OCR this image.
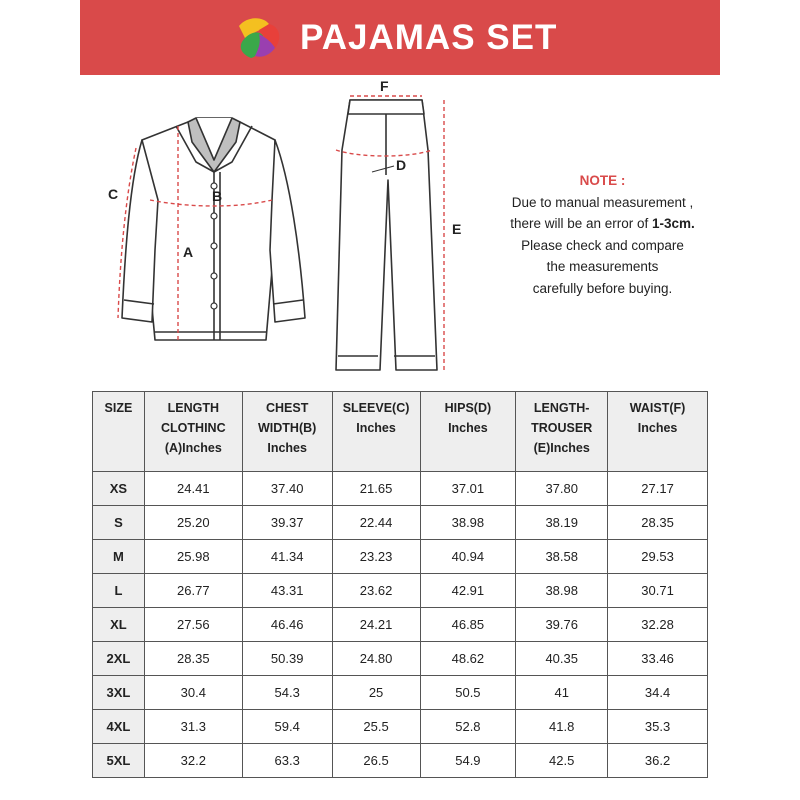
PAJAMAS SET
A
B
C
D
E
F
NOTE :
Due to manual measurement ,
there will be an error of 1-3cm.
Please check and compare
the measurements
carefully before buying.
SIZE	LENGTH
CLOTHINC
(A)Inches	CHEST
WIDTH(B)
Inches	SLEEVE(C)
Inches	HIPS(D)
Inches	LENGTH-
TROUSER
(E)Inches	WAIST(F)
Inches

XS	24.41	37.40	21.65	37.01	37.80	27.17
S	25.20	39.37	22.44	38.98	38.19	28.35
M	25.98	41.34	23.23	40.94	38.58	29.53
L	26.77	43.31	23.62	42.91	38.98	30.71
XL	27.56	46.46	24.21	46.85	39.76	32.28
2XL	28.35	50.39	24.80	48.62	40.35	33.46
3XL	30.4	54.3	25	50.5	41	34.4
4XL	31.3	59.4	25.5	52.8	41.8	35.3
5XL	32.2	63.3	26.5	54.9	42.5	36.2
